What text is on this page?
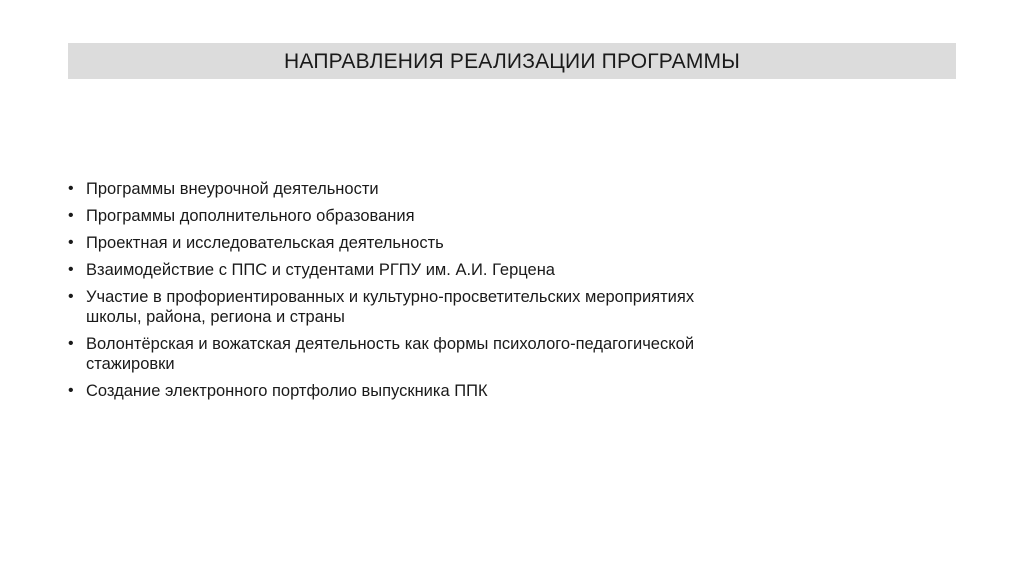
НАПРАВЛЕНИЯ РЕАЛИЗАЦИИ ПРОГРАММЫ
• Программы внеурочной деятельности
• Программы дополнительного образования
• Проектная и исследовательская деятельность
• Взаимодействие с ППС и студентами РГПУ им. А.И. Герцена
• Участие в профориентированных и культурно-просветительских мероприятиях
школы, района, региона и страны
• Волонтёрская и вожатская деятельность как формы психолого-педагогической
стажировки
• Создание электронного портфолио выпускника ППК
